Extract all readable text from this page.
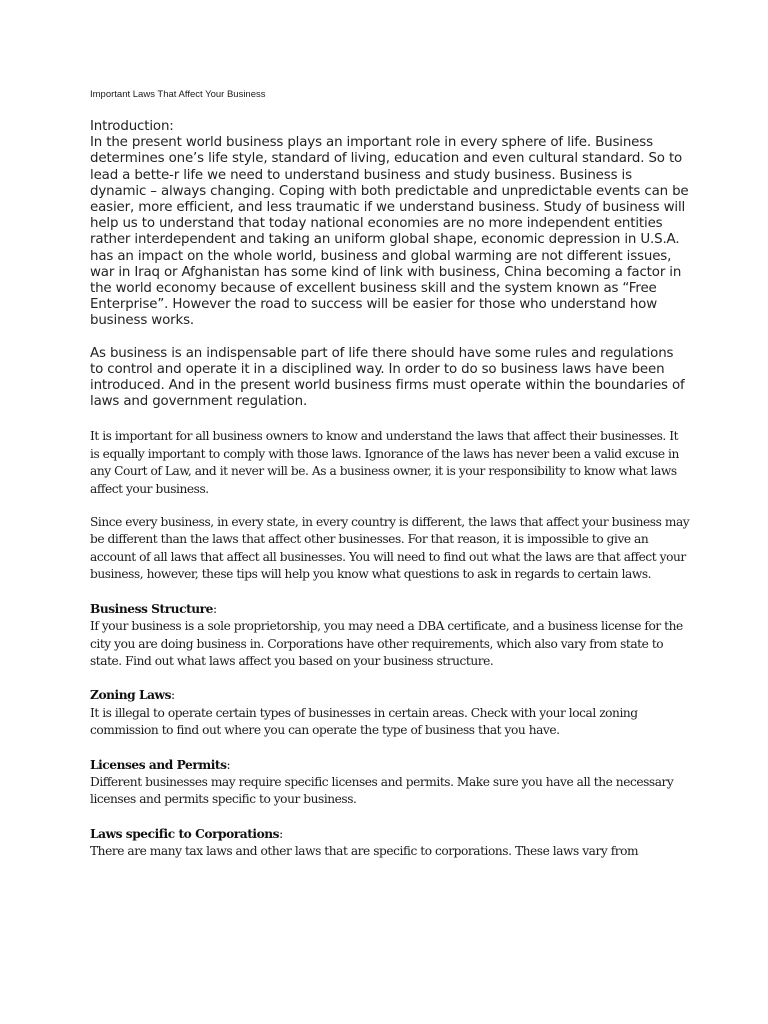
Important Laws That Affect Your Business

Introduction:

In the present world business plays an important role in every sphere of life. Business determines one’s life style, standard of living, education and even cultural standard. So to lead a bette-r life we need to understand business and study business. Business is dynamic – always changing. Coping with both predictable and unpredictable events can be easier, more efficient, and less traumatic if we understand business. Study of business will help us to understand that today national economies are no more independent entities rather interdependent and taking an uniform global shape, economic depression in U.S.A. has an impact on the whole world, business and global warming are not different issues, war in Iraq or Afghanistan has some kind of link with business, China becoming a factor in the world economy because of excellent business skill and the system known as “Free Enterprise”. However the road to success will be easier for those who understand how business works.

As business is an indispensable part of life there should have some rules and regulations to control and operate it in a disciplined way. In order to do so business laws have been introduced. And in the present world business firms must operate within the boundaries of laws and government regulation.

It is important for all business owners to know and understand the laws that affect their businesses. It is equally important to comply with those laws. Ignorance of the laws has never been a valid excuse in any Court of Law, and it never will be. As a business owner, it is your responsibility to know what laws affect your business.

Since every business, in every state, in every country is different, the laws that affect your business may be different than the laws that affect other businesses. For that reason, it is impossible to give an account of all laws that affect all businesses. You will need to find out what the laws are that affect your business, however, these tips will help you know what questions to ask in regards to certain laws.

Business Structure:

If your business is a sole proprietorship, you may need a DBA certificate, and a business license for the city you are doing business in. Corporations have other requirements, which also vary from state to state. Find out what laws affect you based on your business structure.

Zoning Laws:

It is illegal to operate certain types of businesses in certain areas. Check with your local zoning commission to find out where you can operate the type of business that you have.

Licenses and Permits:

Different businesses may require specific licenses and permits. Make sure you have all the necessary licenses and permits specific to your business.

Laws specific to Corporations:

There are many tax laws and other laws that are specific to corporations. These laws vary from
